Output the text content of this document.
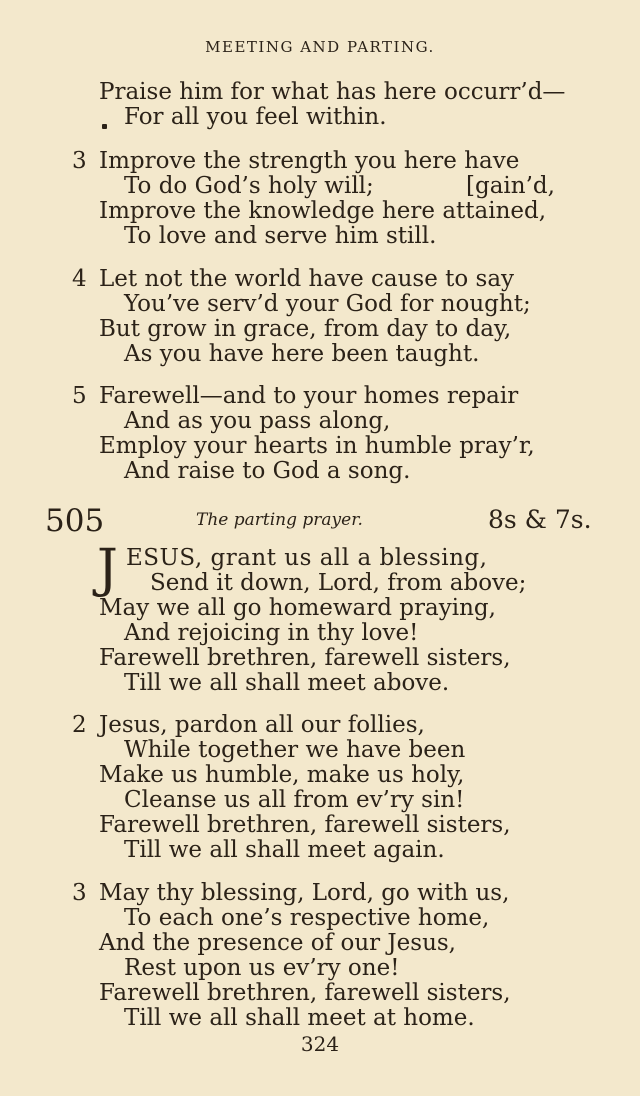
MEETING AND PARTING.
Praise him for what has here occurr’d—
For all you feel within.
3 Improve the strength you here have
To do God’s holy will;	[gain’d,
Improve the knowledge here attained,
To love and serve him still.
4 Let not the world have cause to say
You’ve serv’d your God for nought;
But grow in grace, from day to day,
As you have here been taught.
5 Farewell—and to your homes repair
And as you pass along,
Employ your hearts in humble pray’r,
And raise to God a song.
505	The parting prayer.	8s & 7s.
J ESUS, grant us all a blessing,
Send it down, Lord, from above;
May we all go homeward praying,
And rejoicing in thy love!
Farewell brethren, farewell sisters,
Till we all shall meet above.
2 Jesus, pardon all our follies,
While together we have been
Make us humble, make us holy,
Cleanse us all from ev’ry sin!
Farewell brethren, farewell sisters,
Till we all shall meet again.
3 May thy blessing, Lord, go with us,
To each one’s respective home,
And the presence of our Jesus,
Rest upon us ev’ry one!
Farewell brethren, farewell sisters,
Till we all shall meet at home.
324
